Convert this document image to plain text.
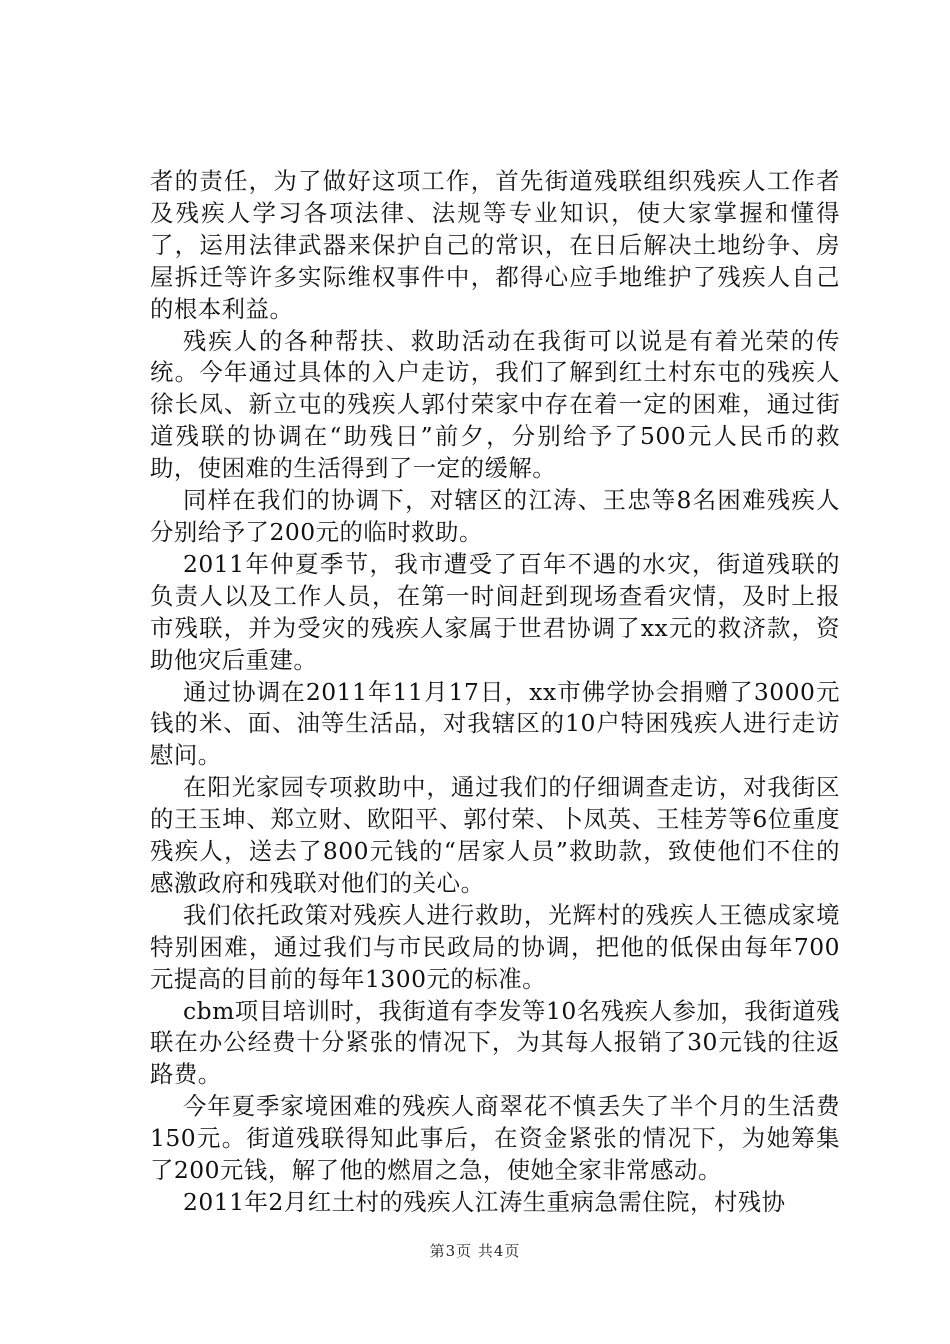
者的责任，为了做好这项工作，首先街道残联组织残疾人工作者及残疾人学习各项法律、法规等专业知识，使大家掌握和懂得了，运用法律武器来保护自己的常识，在日后解决土地纷争、房屋拆迁等许多实际维权事件中，都得心应手地维护了残疾人自己的根本利益。

残疾人的各种帮扶、救助活动在我街可以说是有着光荣的传统。今年通过具体的入户走访，我们了解到红土村东屯的残疾人徐长凤、新立屯的残疾人郭付荣家中存在着一定的困难，通过街道残联的协调在“助残日”前夕，分别给予了500元人民币的救助，使困难的生活得到了一定的缓解。

同样在我们的协调下，对辖区的江涛、王忠等8名困难残疾人分别给予了200元的临时救助。

2011年仲夏季节，我市遭受了百年不遇的水灾，街道残联的负责人以及工作人员，在第一时间赶到现场查看灾情，及时上报市残联，并为受灾的残疾人家属于世君协调了xx元的救济款，资助他灾后重建。

通过协调在2011年11月17日，xx市佛学协会捐赠了3000元钱的米、面、油等生活品，对我辖区的10户特困残疾人进行走访慰问。

在阳光家园专项救助中，通过我们的仔细调查走访，对我街区的王玉坤、郑立财、欧阳平、郭付荣、卜凤英、王桂芳等6位重度残疾人，送去了800元钱的“居家人员”救助款，致使他们不住的感激政府和残联对他们的关心。

我们依托政策对残疾人进行救助，光辉村的残疾人王德成家境特别困难，通过我们与市民政局的协调，把他的低保由每年700元提高的目前的每年1300元的标准。

cbm项目培训时，我街道有李发等10名残疾人参加，我街道残联在办公经费十分紧张的情况下，为其每人报销了30元钱的往返路费。

今年夏季家境困难的残疾人商翠花不慎丢失了半个月的生活费150元。街道残联得知此事后，在资金紧张的情况下，为她筹集了200元钱，解了他的燃眉之急，使她全家非常感动。

2011年2月红土村的残疾人江涛生重病急需住院，村残协

第3页 共4页
